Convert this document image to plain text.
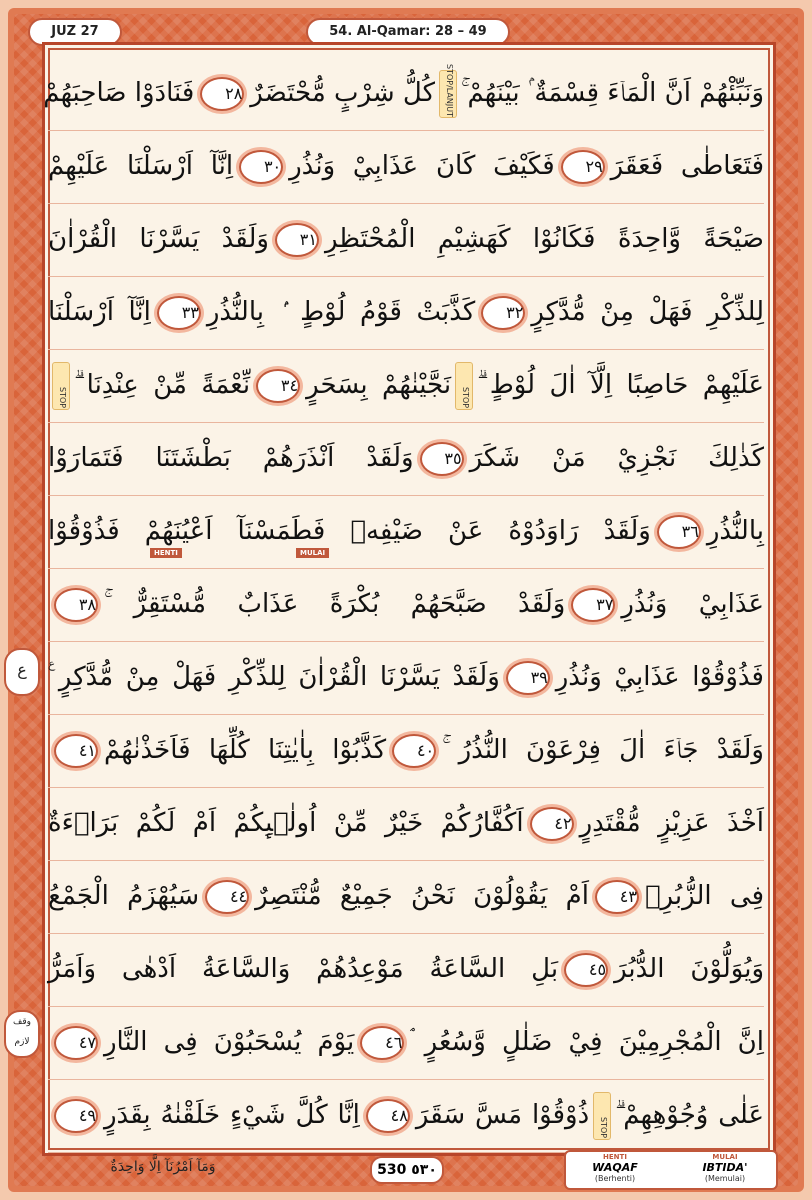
JUZ 27	54. Al-Qamar: 28 – 49
وَنَبِّئْهُمْ اَنَّ الْمَاۤءَ قِسْمَةٌ ۢ بَيْنَهُمْ ۚSTOP/LANJUTكُلُّ شِرْبٍ مُّحْتَضَرٌ٢٨فَنَادَوْا صَاحِبَهُمْ
فَتَعَاطٰى فَعَقَرَ٢٩فَكَيْفَ كَانَ عَذَابِيْ وَنُذُرِ٣٠اِنَّآ اَرْسَلْنَا عَلَيْهِمْ
صَيْحَةً وَّاحِدَةً فَكَانُوْا كَهَشِيْمِ الْمُحْتَظِرِ٣١وَلَقَدْ يَسَّرْنَا الْقُرْاٰنَ
لِلذِّكْرِ فَهَلْ مِنْ مُّدَّكِرٍ٣٢كَذَّبَتْ قَوْمُ لُوْطٍ ۢ بِالنُّذُرِ٣٣اِنَّآ اَرْسَلْنَا
عَلَيْهِمْ حَاصِبًا اِلَّآ اٰلَ لُوْطٍ ۗSTOPنَجَّيْنٰهُمْ بِسَحَرٍ٣٤نِّعْمَةً مِّنْ عِنْدِنَا ۗSTOP
كَذٰلِكَ نَجْزِيْ مَنْ شَكَرَ٣٥وَلَقَدْ اَنْذَرَهُمْ بَطْشَتَنَا فَتَمَارَوْا
بِالنُّذُرِ٣٦وَلَقَدْ رَاوَدُوْهُ عَنْ ضَيْفِهٖ فَطَمَسْنَآ اَعْيُنَهُمْ فَذُوْقُوْا
عَذَابِيْ وَنُذُرِ٣٧وَلَقَدْ صَبَّحَهُمْ بُكْرَةً عَذَابٌ مُّسْتَقِرٌّ ۚ٣٨
فَذُوْقُوْا عَذَابِيْ وَنُذُرِ٣٩وَلَقَدْ يَسَّرْنَا الْقُرْاٰنَ لِلذِّكْرِ فَهَلْ مِنْ مُّدَّكِرٍ ࣖ
وَلَقَدْ جَاۤءَ اٰلَ فِرْعَوْنَ النُّذُرُ ۚ٤٠كَذَّبُوْا بِاٰيٰتِنَا كُلِّهَا فَاَخَذْنٰهُمْ٤١
اَخْذَ عَزِيْزٍ مُّقْتَدِرٍ٤٢اَكُفَّارُكُمْ خَيْرٌ مِّنْ اُولٰۤىِٕكُمْ اَمْ لَكُمْ بَرَاۤءَةٌ
فِى الزُّبُرِۚ٤٣اَمْ يَقُوْلُوْنَ نَحْنُ جَمِيْعٌ مُّنْتَصِرٌ٤٤سَيُهْزَمُ الْجَمْعُ
وَيُوَلُّوْنَ الدُّبُرَ٤٥بَلِ السَّاعَةُ مَوْعِدُهُمْ وَالسَّاعَةُ اَدْهٰى وَاَمَرُّ
اِنَّ الْمُجْرِمِيْنَ فِيْ ضَلٰلٍ وَّسُعُرٍ ۘ٤٦يَوْمَ يُسْحَبُوْنَ فِى النَّارِ٤٧
عَلٰى وُجُوْهِهِمْ ۗSTOPذُوْقُوْا مَسَّ سَقَرَ٤٨اِنَّا كُلَّ شَيْءٍ خَلَقْنٰهُ بِقَدَرٍ٤٩
ع
وقف لازم
HENTI	MULAI
وَمَآ اَمْرُنَآ اِلَّا وَاحِدَةٌ	530 ٥٣٠
HENTI
WAQAF
(Berhenti)
MULAI
IBTIDA'
(Memulai)
